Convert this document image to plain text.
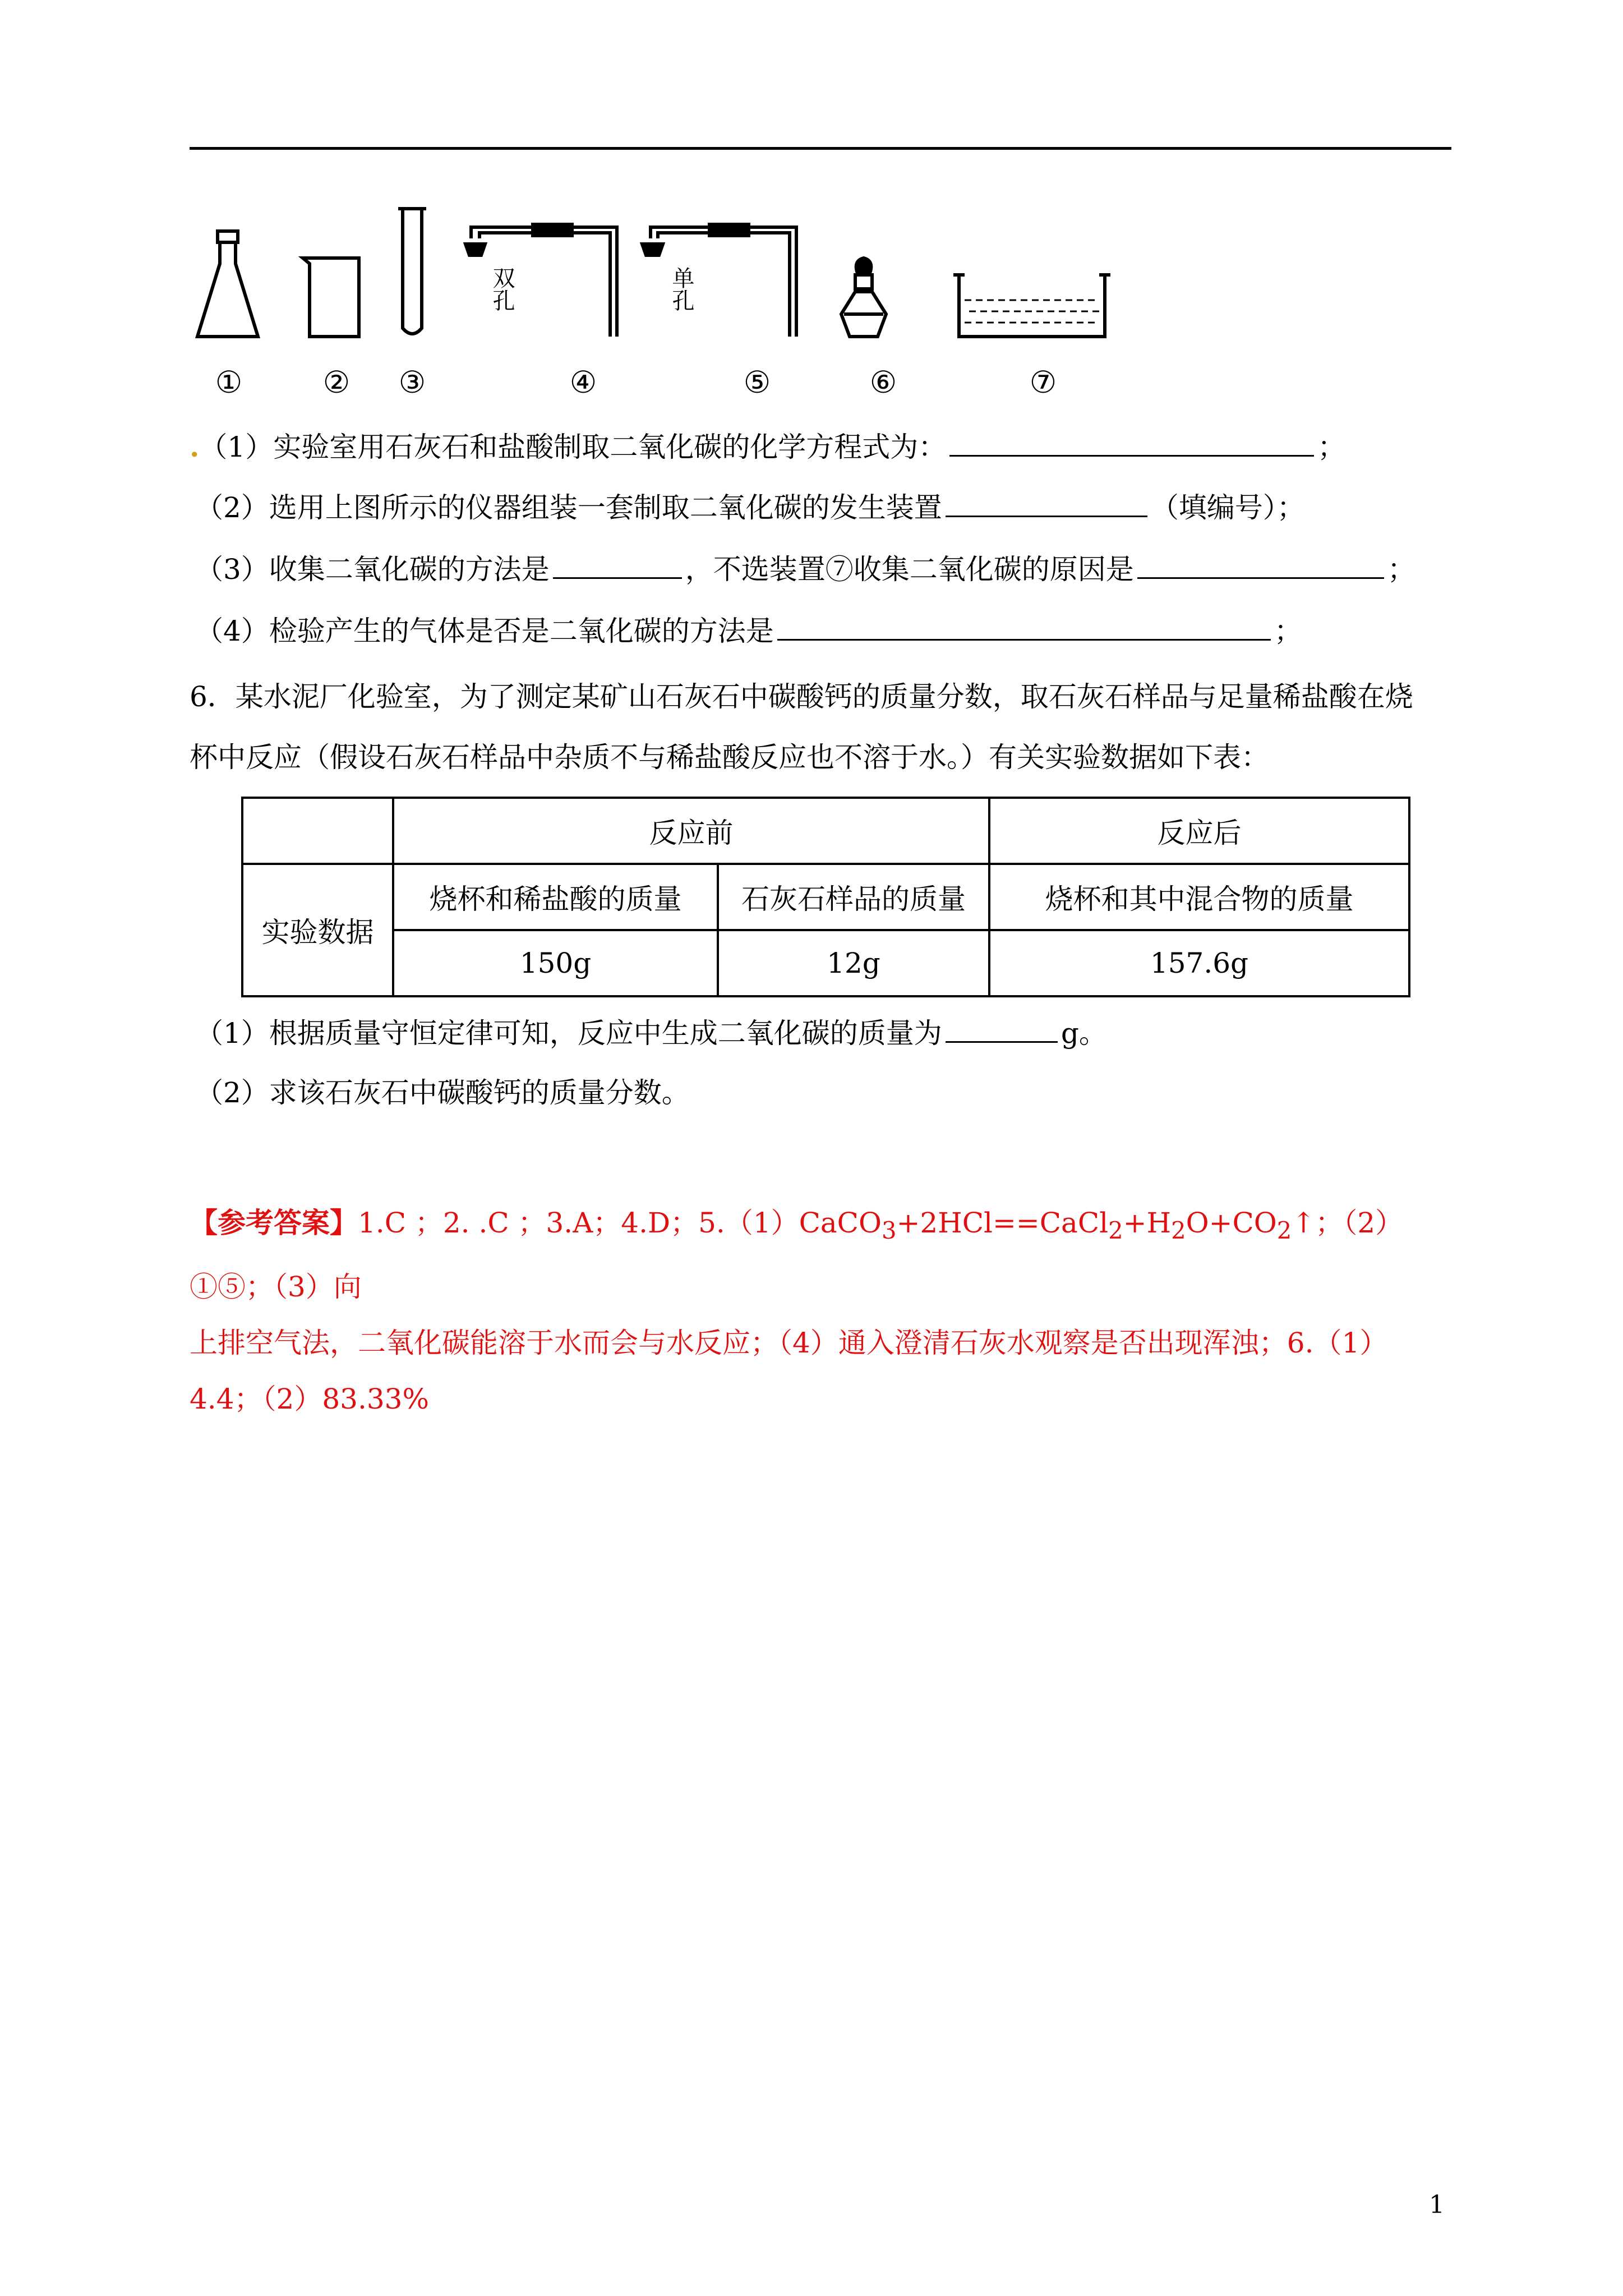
双孔	单孔
①	② ③	④	⑤	⑥	⑦
.（1）实验室用石灰石和盐酸制取二氧化碳的化学方程式为：	；
（2）选用上图所示的仪器组装一套制取二氧化碳的发生装置	（填编号）；
（3）收集二氧化碳的方法是	，不选装置⑦收集二氧化碳的原因是	；
（4）检验产生的气体是否是二氧化碳的方法是	；
6．某水泥厂化验室，为了测定某矿山石灰石中碳酸钙的质量分数，取石灰石样品与足量稀盐酸在烧
杯中反应（假设石灰石样品中杂质不与稀盐酸反应也不溶于水。）有关实验数据如下表：
	反应前		反应后
实验数据	烧杯和稀盐酸的质量	石灰石样品的质量	烧杯和其中混合物的质量
	150g	12g	157.6g
（1）根据质量守恒定律可知，反应中生成二氧化碳的质量为	g。
（2）求该石灰石中碳酸钙的质量分数。
【参考答案】1.C ；2. .C ；3.A；4.D；$5.(1)CaCO_3+2HCl==CaCl_2+H_2O+CO_2↑$；（2）①⑤；（3）向
上排空气法，二氧化碳能溶于水而会与水反应；（4）通入澄清石灰水观察是否出现浑浊；6.（1）
4.4；（2）83.33%
1
